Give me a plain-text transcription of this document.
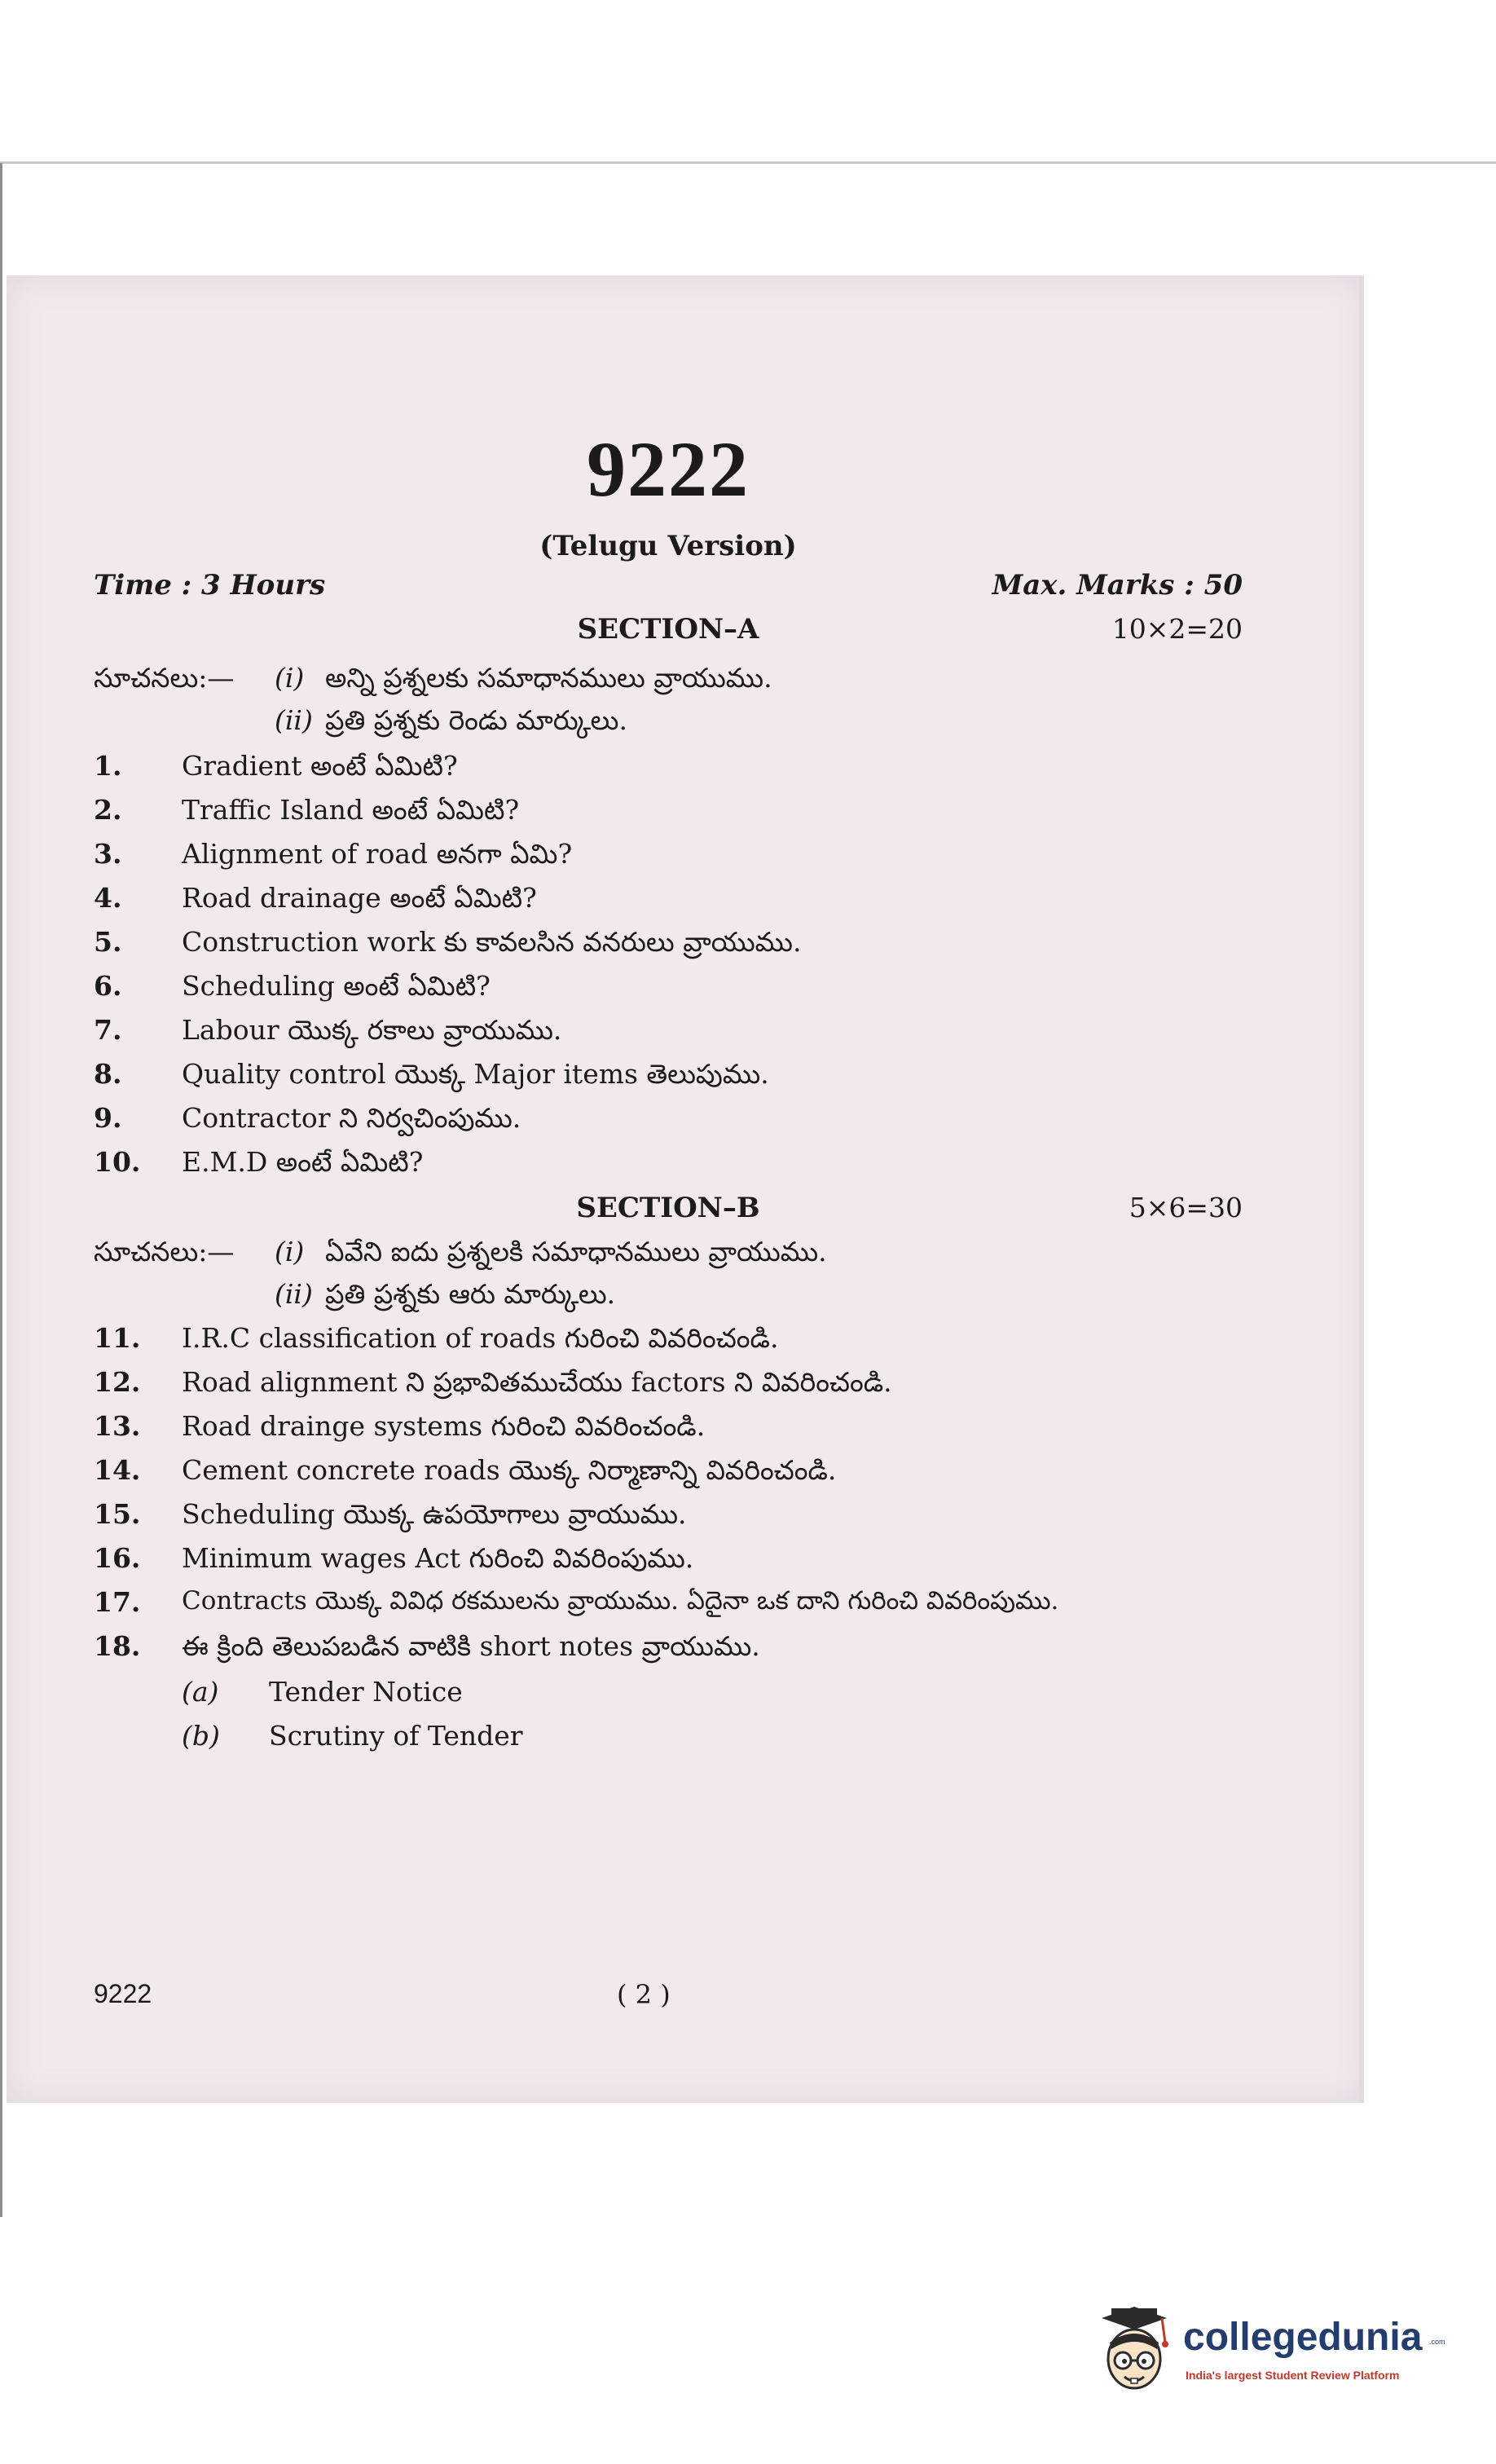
9222
(Telugu Version)
Time : 3 Hours	Max. Marks : 50
SECTION–A	10×2=20
సూచనలు:— (i) అన్ని ప్రశ్నలకు సమాధానములు వ్రాయుము.
(ii) ప్రతి ప్రశ్నకు రెండు మార్కులు.
1. Gradient అంటే ఏమిటి?
2. Traffic Island అంటే ఏమిటి?
3. Alignment of road అనగా ఏమి?
4. Road drainage అంటే ఏమిటి?
5. Construction work కు కావలసిన వనరులు వ్రాయుము.
6. Scheduling అంటే ఏమిటి?
7. Labour యొక్క రకాలు వ్రాయుము.
8. Quality control యొక్క Major items తెలుపుము.
9. Contractor ని నిర్వచింపుము.
10. E.M.D అంటే ఏమిటి?
SECTION–B	5×6=30
సూచనలు:— (i) ఏవేని ఐదు ప్రశ్నలకి సమాధానములు వ్రాయుము.
(ii) ప్రతి ప్రశ్నకు ఆరు మార్కులు.
11. I.R.C classification of roads గురించి వివరించండి.
12. Road alignment ని ప్రభావితముచేయు factors ని వివరించండి.
13. Road drainge systems గురించి వివరించండి.
14. Cement concrete roads యొక్క నిర్మాణాన్ని వివరించండి.
15. Scheduling యొక్క ఉపయోగాలు వ్రాయుము.
16. Minimum wages Act గురించి వివరింపుము.
17. Contracts యొక్క వివిధ రకములను వ్రాయుము. ఏదైనా ఒక దాని గురించి వివరింపుము.
18. ఈ క్రింది తెలుపబడిన వాటికి short notes వ్రాయుము.
(a) Tender Notice
(b) Scrutiny of Tender
9222	( 2 )
collegedunia .com
India's largest Student Review Platform
